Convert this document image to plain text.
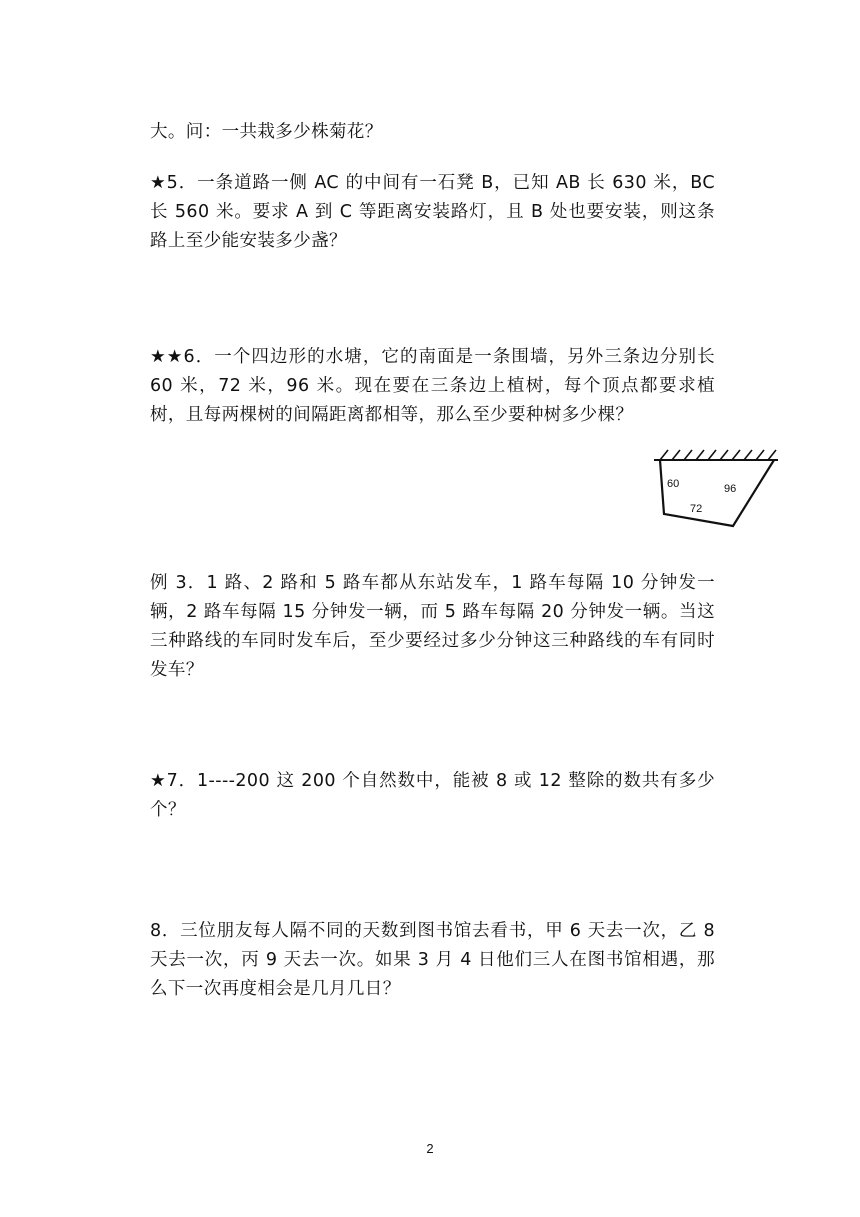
大。问：一共栽多少株菊花？

★5．一条道路一侧 AC 的中间有一石凳 B，已知 AB 长 630 米，BC 长 560 米。要求 A 到 C 等距离安装路灯，且 B 处也要安装，则这条路上至少能安装多少盏？

★★6．一个四边形的水塘，它的南面是一条围墙，另外三条边分别长 60 米，72 米，96 米。现在要在三条边上植树，每个顶点都要求植树，且每两棵树的间隔距离都相等，那么至少要种树多少棵？

60
72
96

例 3．1 路、2 路和 5 路车都从东站发车，1 路车每隔 10 分钟发一辆，2 路车每隔 15 分钟发一辆，而 5 路车每隔 20 分钟发一辆。当这三种路线的车同时发车后，至少要经过多少分钟这三种路线的车有同时发车？

★7．1----200 这 200 个自然数中，能被 8 或 12 整除的数共有多少个？

8．三位朋友每人隔不同的天数到图书馆去看书，甲 6 天去一次，乙 8 天去一次，丙 9 天去一次。如果 3 月 4 日他们三人在图书馆相遇，那么下一次再度相会是几月几日？

2
